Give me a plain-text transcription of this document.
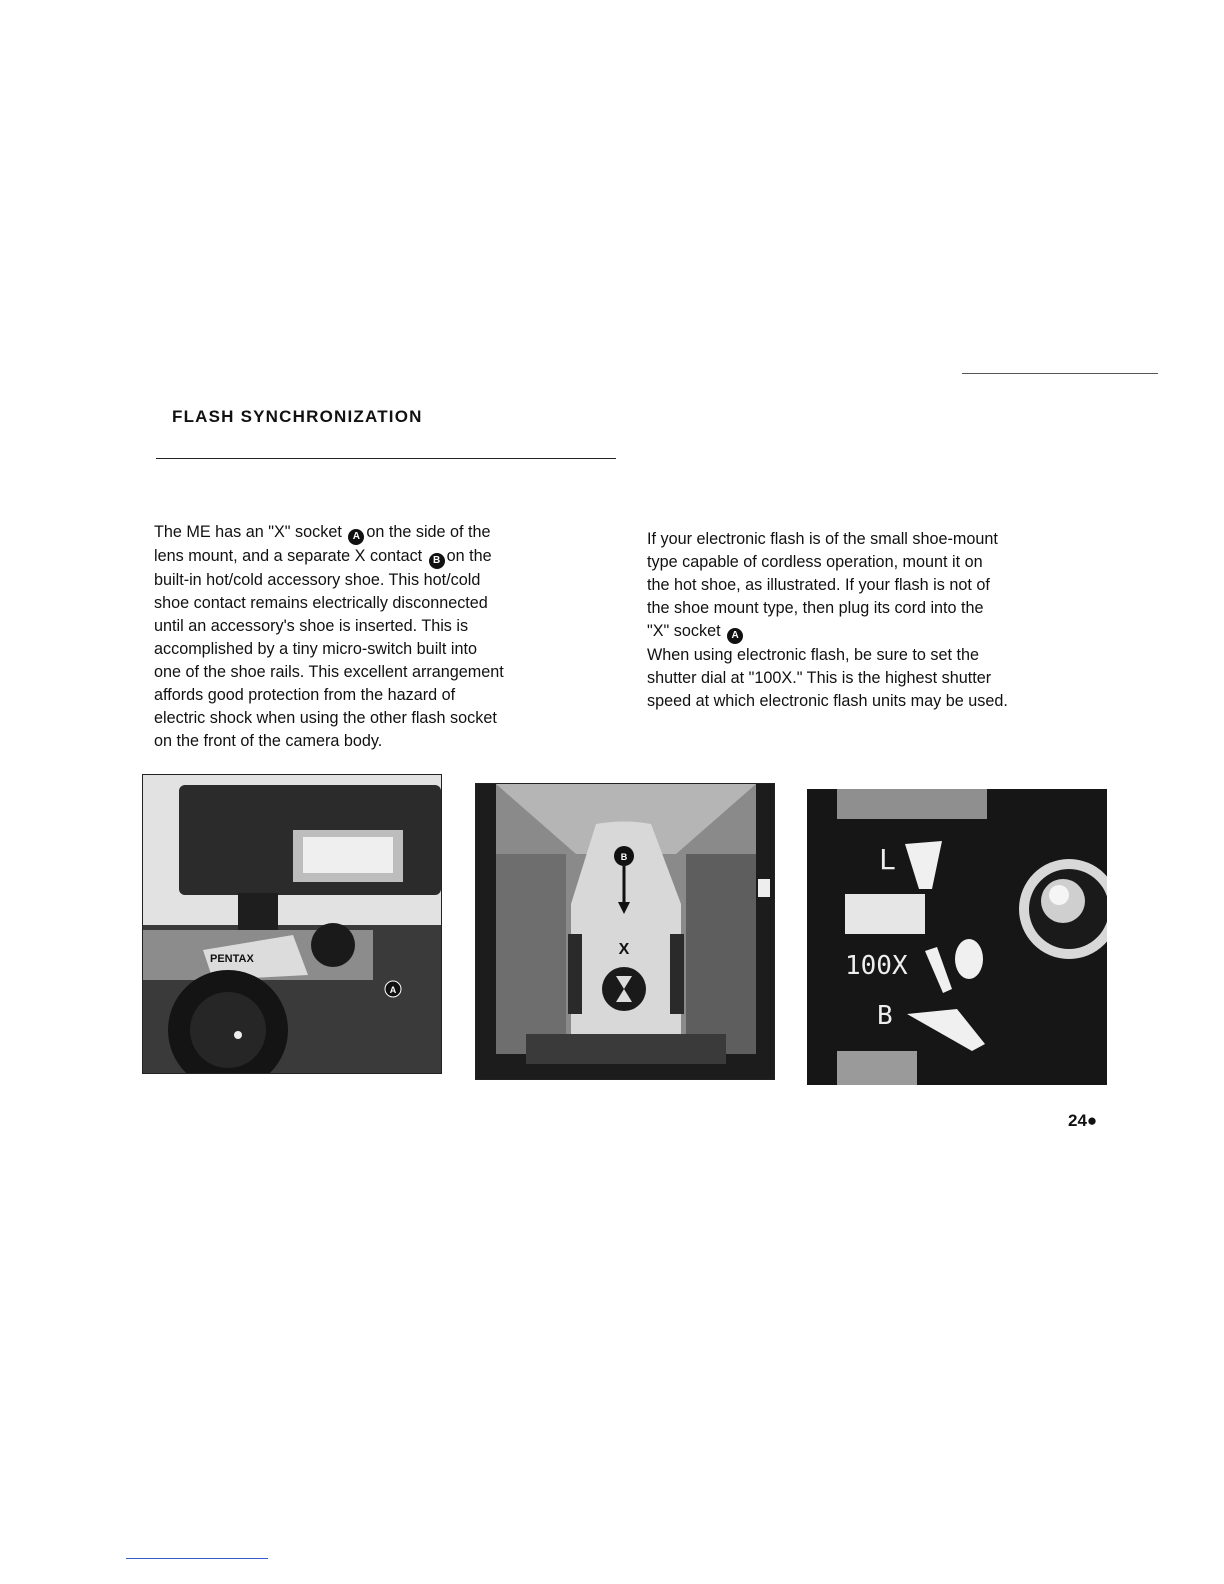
FLASH SYNCHRONIZATION
The ME has an "X" socket A on the side of the
lens mount, and a separate X contact B on the
built-in hot/cold accessory shoe. This hot/cold
shoe contact remains electrically disconnected
until an accessory's shoe is inserted. This is
accomplished by a tiny micro-switch built into
one of the shoe rails. This excellent arrangement
affords good protection from the hazard of
electric shock when using the other flash socket
on the front of the camera body.
If your electronic flash is of the small shoe-mount
type capable of cordless operation, mount it on
the hot shoe, as illustrated. If your flash is not of
the shoe mount type, then plug its cord into the
"X" socket A
When using electronic flash, be sure to set the
shutter dial at "100X." This is the highest shutter
speed at which electronic flash units may be used.
PENTAX
A
B
X
L
100X
B
24●
